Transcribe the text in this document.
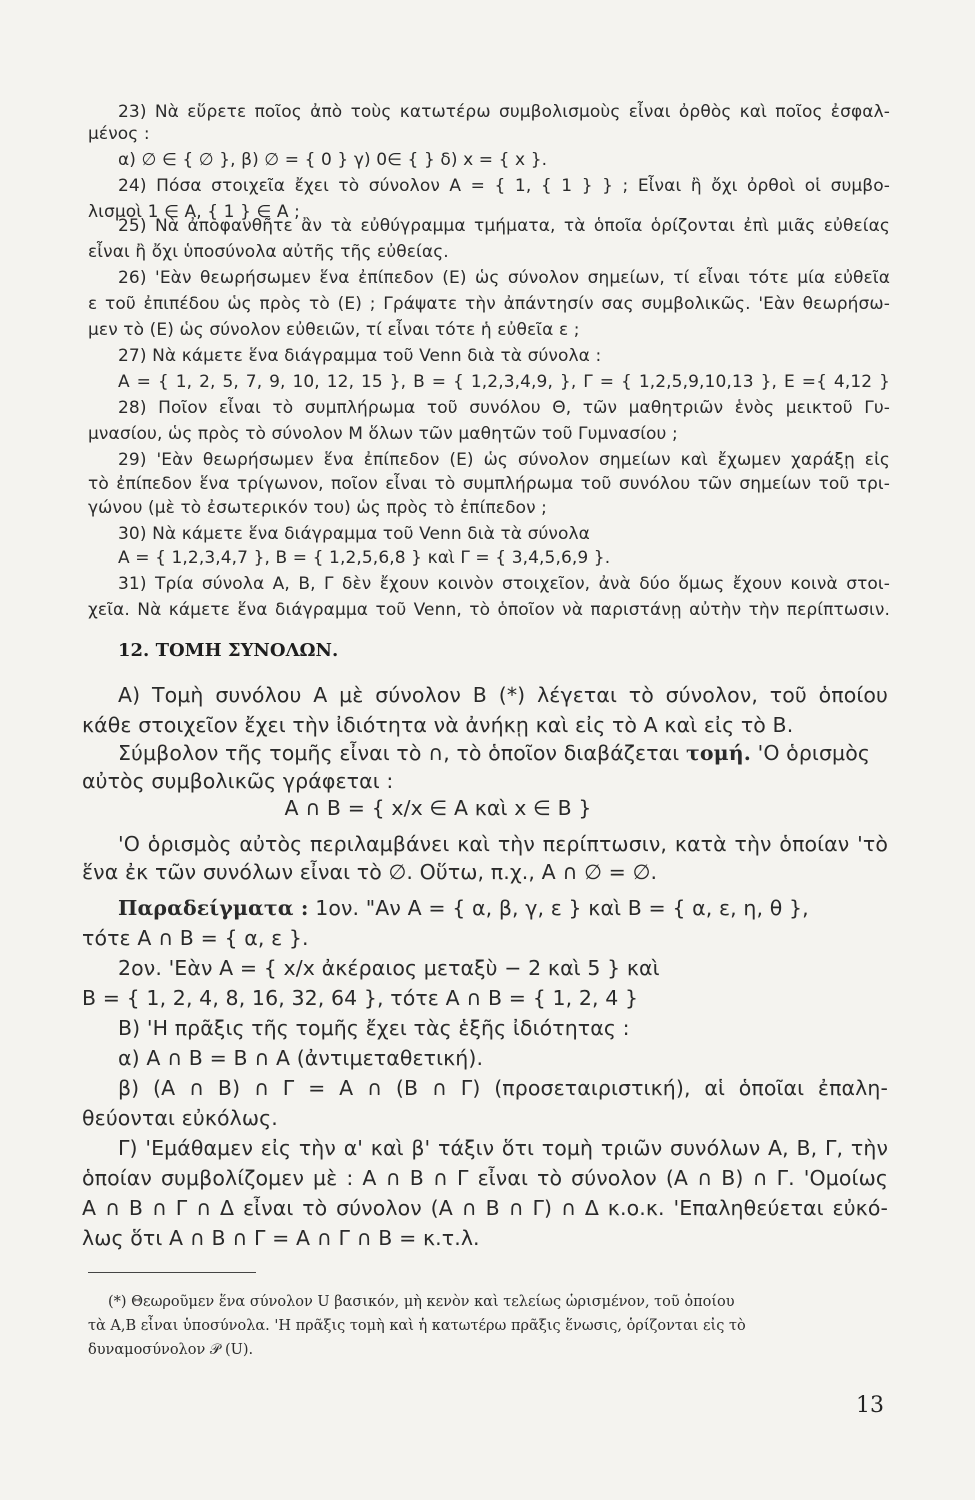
23) Νὰ εὕρετε ποῖος ἀπὸ τοὺς κατωτέρω συμβολισμοὺς εἶναι ὀρθὸς καὶ ποῖος ἐσφαλ-
μένος :
α) ∅ ∈ { ∅ }, β) ∅ = { 0 } γ) 0∈ { } δ) x = { x }.
24) Πόσα στοιχεῖα ἔχει τὸ σύνολον A = { 1, { 1 } } ; Εἶναι ἢ ὄχι ὀρθοὶ οἱ συμβο-
λισμοὶ 1 ∈ A, { 1 } ∈ A ;
25) Νὰ ἀποφανθῆτε ἂν τὰ εὐθύγραμμα τμήματα, τὰ ὁποῖα ὁρίζονται ἐπὶ μιᾶς εὐθείας
εἶναι ἢ ὄχι ὑποσύνολα αὐτῆς τῆς εὐθείας.
26) 'Εὰν θεωρήσωμεν ἕνα ἐπίπεδον (E) ὡς σύνολον σημείων, τί εἶναι τότε μία εὐθεῖα
ε τοῦ ἐπιπέδου ὡς πρὸς τὸ (E) ; Γράψατε τὴν ἀπάντησίν σας συμβολικῶς. 'Εὰν θεωρήσω-
μεν τὸ (E) ὡς σύνολον εὐθειῶν, τί εἶναι τότε ἡ εὐθεῖα ε ;
27) Νὰ κάμετε ἕνα διάγραμμα τοῦ Venn διὰ τὰ σύνολα :
A = { 1, 2, 5, 7, 9, 10, 12, 15 }, B = { 1,2,3,4,9, }, Γ = { 1,2,5,9,10,13 }, E ={ 4,12 }
28) Ποῖον εἶναι τὸ συμπλήρωμα τοῦ συνόλου Θ, τῶν μαθητριῶν ἑνὸς μεικτοῦ Γυ-
μνασίου, ὡς πρὸς τὸ σύνολον M ὅλων τῶν μαθητῶν τοῦ Γυμνασίου ;
29) 'Εὰν θεωρήσωμεν ἕνα ἐπίπεδον (E) ὡς σύνολον σημείων καὶ ἔχωμεν χαράξῃ εἰς
τὸ ἐπίπεδον ἕνα τρίγωνον, ποῖον εἶναι τὸ συμπλήρωμα τοῦ συνόλου τῶν σημείων τοῦ τρι-
γώνου (μὲ τὸ ἐσωτερικόν του) ὡς πρὸς τὸ ἐπίπεδον ;
30) Νὰ κάμετε ἕνα διάγραμμα τοῦ Venn διὰ τὰ σύνολα
A = { 1,2,3,4,7 }, B = { 1,2,5,6,8 } καὶ Γ = { 3,4,5,6,9 }.
31) Τρία σύνολα A, B, Γ δὲν ἔχουν κοινὸν στοιχεῖον, ἀνὰ δύο ὅμως ἔχουν κοινὰ στοι-
χεῖα. Νὰ κάμετε ἕνα διάγραμμα τοῦ Venn, τὸ ὁποῖον νὰ παριστάνῃ αὐτὴν τὴν περίπτωσιν.
12. ΤΟΜΗ ΣΥΝΟΛΩΝ.
A) Τομὴ συνόλου A μὲ σύνολον B (*) λέγεται τὸ σύνολον, τοῦ ὁποίου
κάθε στοιχεῖον ἔχει τὴν ἰδιότητα νὰ ἀνήκῃ καὶ εἰς τὸ A καὶ εἰς τὸ B.
Σύμβολον τῆς τομῆς εἶναι τὸ ∩, τὸ ὁποῖον διαβάζεται τομή. 'O ὁρισμὸς
αὐτὸς συμβολικῶς γράφεται :
A ∩ B = { x/x ∈ A καὶ x ∈ B }
'O ὁρισμὸς αὐτὸς περιλαμβάνει καὶ τὴν περίπτωσιν, κατὰ τὴν ὁποίαν 'τὸ
ἕνα ἐκ τῶν συνόλων εἶναι τὸ ∅. Οὕτω, π.χ., A ∩ ∅ = ∅.
Παραδείγματα : 1ον. "Αν A = { α, β, γ, ε } καὶ B = { α, ε, η, θ },
τότε A ∩ B = { α, ε }.
2ον. 'Εὰν A = { x/x ἀκέραιος μεταξὺ − 2 καὶ 5 } καὶ
B = { 1, 2, 4, 8, 16, 32, 64 }, τότε A ∩ B = { 1, 2, 4 }
B) 'H πρᾶξις τῆς τομῆς ἔχει τὰς ἑξῆς ἰδιότητας :
α) A ∩ B = B ∩ A (ἀντιμεταθετική).
β) (A ∩ B) ∩ Γ = A ∩ (B ∩ Γ) (προσεταιριστική), αἱ ὁποῖαι ἐπαλη-
θεύονται εὐκόλως.
Γ) 'Εμάθαμεν εἰς τὴν α' καὶ β' τάξιν ὅτι τομὴ τριῶν συνόλων A, B, Γ, τὴν
ὁποίαν συμβολίζομεν μὲ : A ∩ B ∩ Γ εἶναι τὸ σύνολον (A ∩ B) ∩ Γ. 'Ομοίως
A ∩ B ∩ Γ ∩ Δ εἶναι τὸ σύνολον (A ∩ B ∩ Γ) ∩ Δ κ.ο.κ. 'Επαληθεύεται εὐκό-
λως ὅτι A ∩ B ∩ Γ = A ∩ Γ ∩ B = κ.τ.λ.
(*) Θεωροῦμεν ἕνα σύνολον U βασικόν, μὴ κενὸν καὶ τελείως ὡρισμένον, τοῦ ὁποίου
τὰ A,B εἶναι ὑποσύνολα. 'H πρᾶξις τομὴ καὶ ἡ κατωτέρω πρᾶξις ἕνωσις, ὁρίζονται εἰς τὸ
δυναμοσύνολον 𝒫 (U).
13
